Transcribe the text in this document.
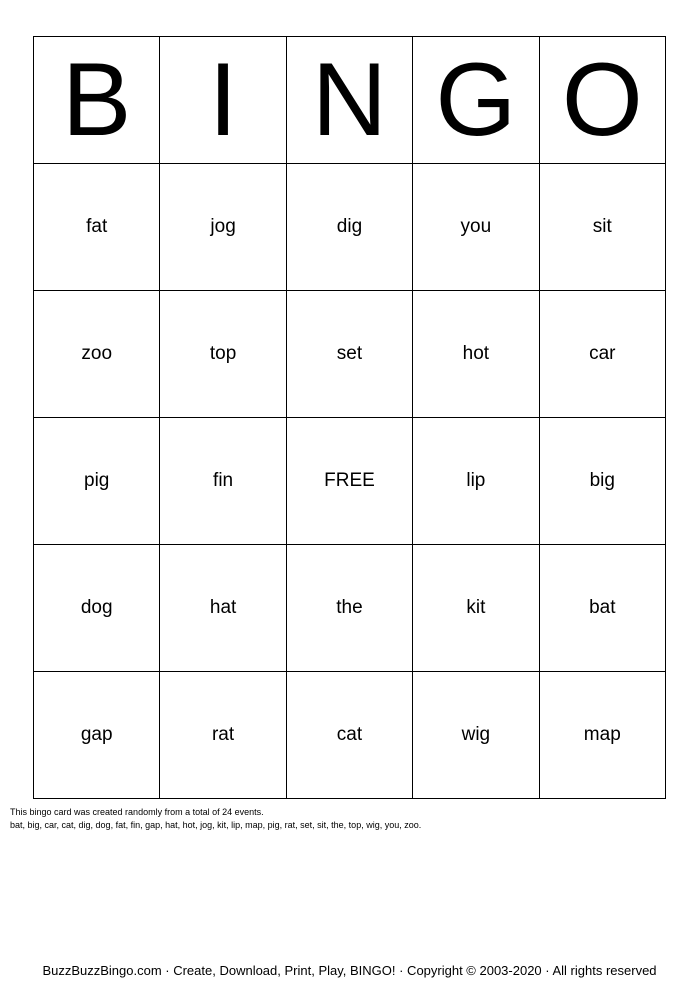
B	I	N	G	O
fat	jog	dig	you	sit
zoo	top	set	hot	car
pig	fin	FREE	lip	big
dog	hat	the	kit	bat
gap	rat	cat	wig	map
This bingo card was created randomly from a total of 24 events.
bat, big, car, cat, dig, dog, fat, fin, gap, hat, hot, jog, kit, lip, map, pig, rat, set, sit, the, top, wig, you, zoo.
BuzzBuzzBingo.com · Create, Download, Print, Play, BINGO! · Copyright © 2003-2020 · All rights reserved
